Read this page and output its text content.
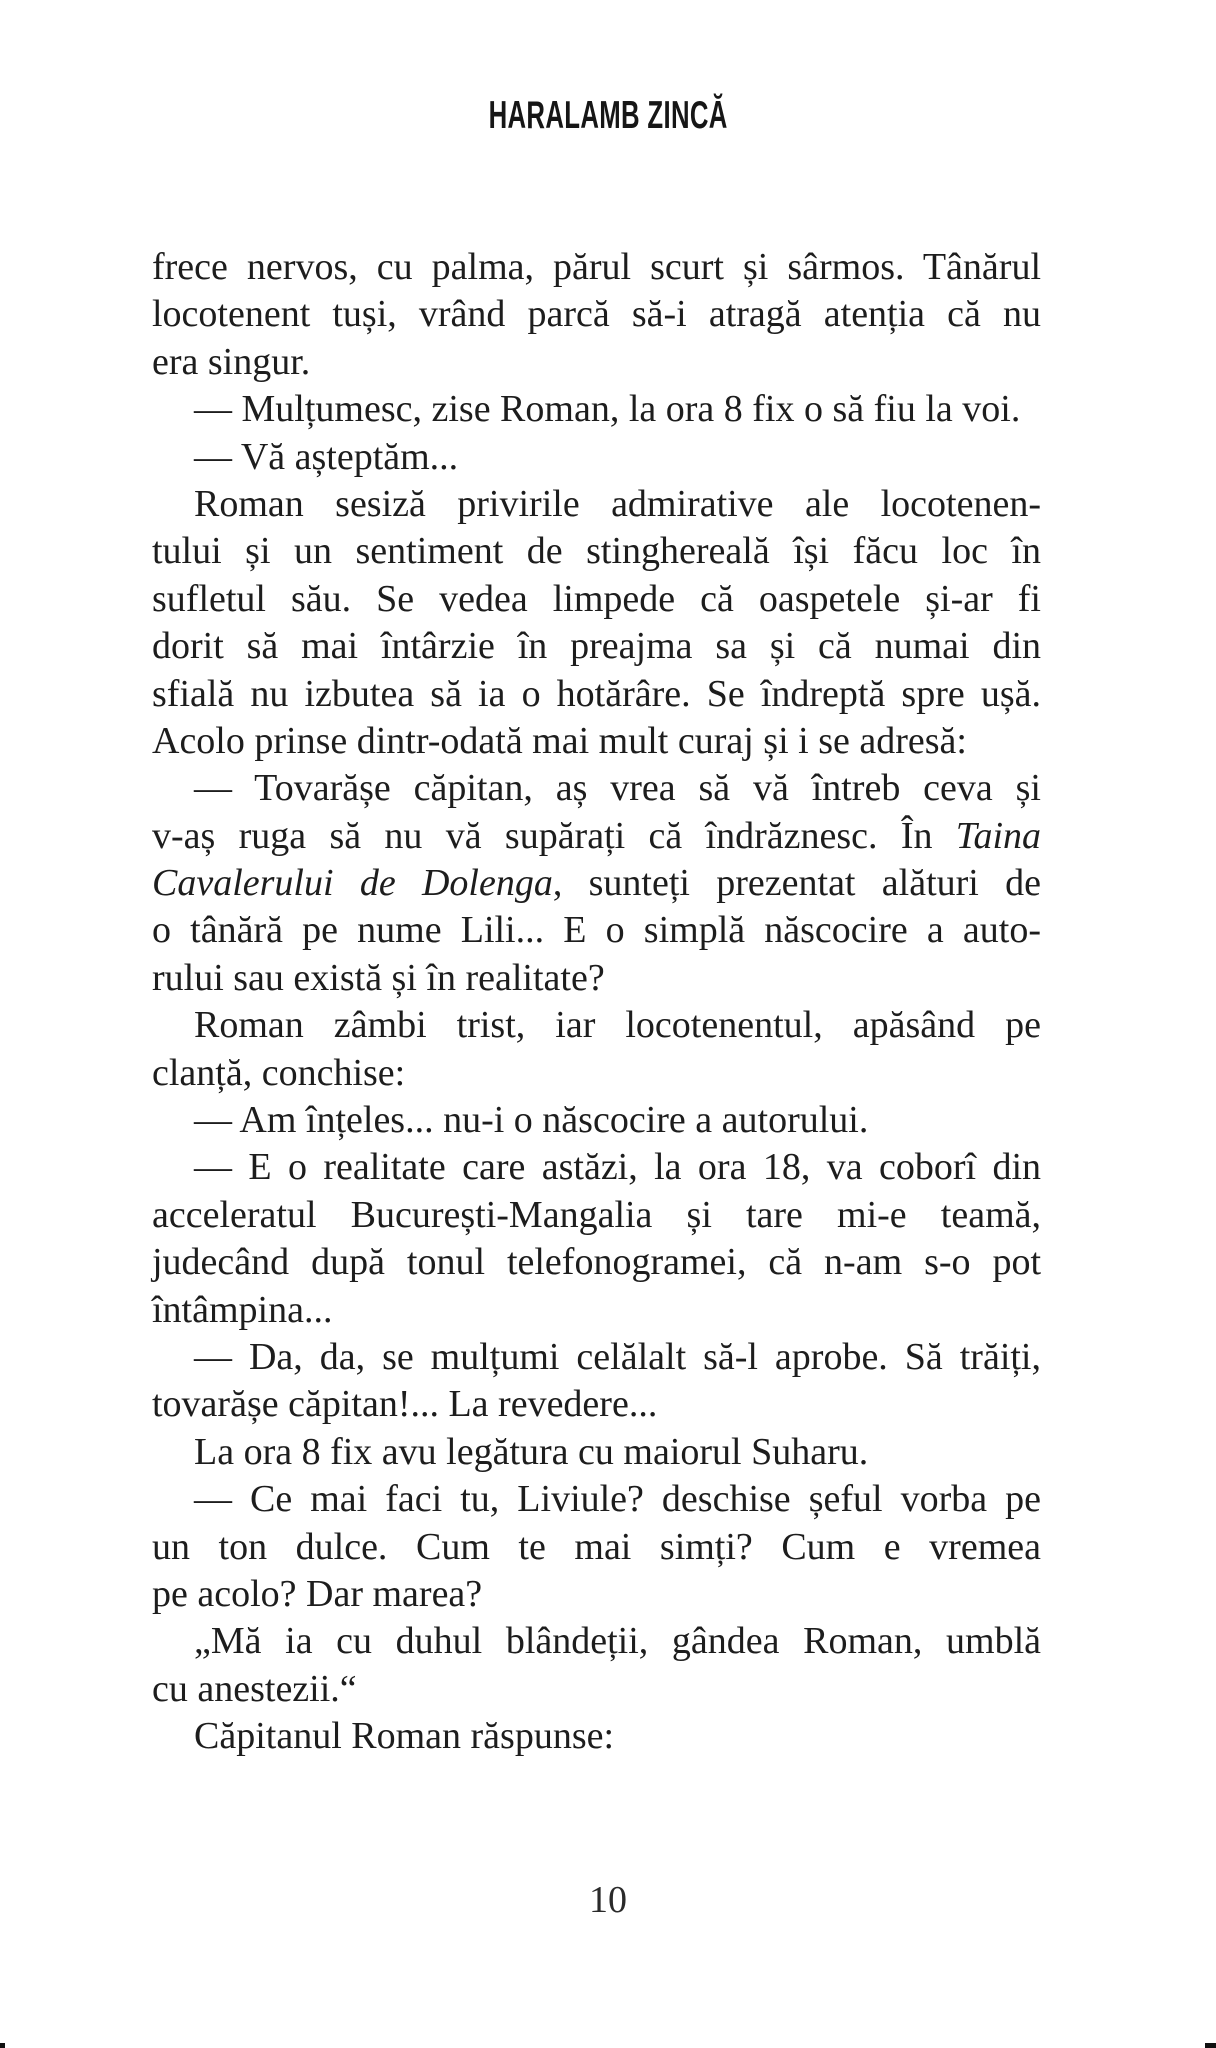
HARALAMB ZINCĂ
frece nervos, cu palma, părul scurt și sârmos. Tânărul
locotenent tuși, vrând parcă să-i atragă atenția că nu
era singur.
— Mulțumesc, zise Roman, la ora 8 fix o să fiu la voi.
— Vă așteptăm...
Roman sesiză privirile admirative ale locotenen-
tului și un sentiment de stinghereală își făcu loc în
sufletul său. Se vedea limpede că oaspetele și-ar fi
dorit să mai întârzie în preajma sa și că numai din
sfială nu izbutea să ia o hotărâre. Se îndreptă spre ușă.
Acolo prinse dintr-odată mai mult curaj și i se adresă:
— Tovarășe căpitan, aș vrea să vă întreb ceva și
v-aș ruga să nu vă supărați că îndrăznesc. În Taina
Cavalerului de Dolenga, sunteți prezentat alături de
o tânără pe nume Lili... E o simplă născocire a auto-
rului sau există și în realitate?
Roman zâmbi trist, iar locotenentul, apăsând pe
clanță, conchise:
— Am înțeles... nu-i o născocire a autorului.
— E o realitate care astăzi, la ora 18, va coborî din
acceleratul București-Mangalia și tare mi-e teamă,
judecând după tonul telefonogramei, că n-am s-o pot
întâmpina...
— Da, da, se mulțumi celălalt să-l aprobe. Să trăiți,
tovarășe căpitan!... La revedere...
La ora 8 fix avu legătura cu maiorul Suharu.
— Ce mai faci tu, Liviule? deschise șeful vorba pe
un ton dulce. Cum te mai simți? Cum e vremea
pe acolo? Dar marea?
„Mă ia cu duhul blândeții, gândea Roman, umblă
cu anestezii.“
Căpitanul Roman răspunse:
10
